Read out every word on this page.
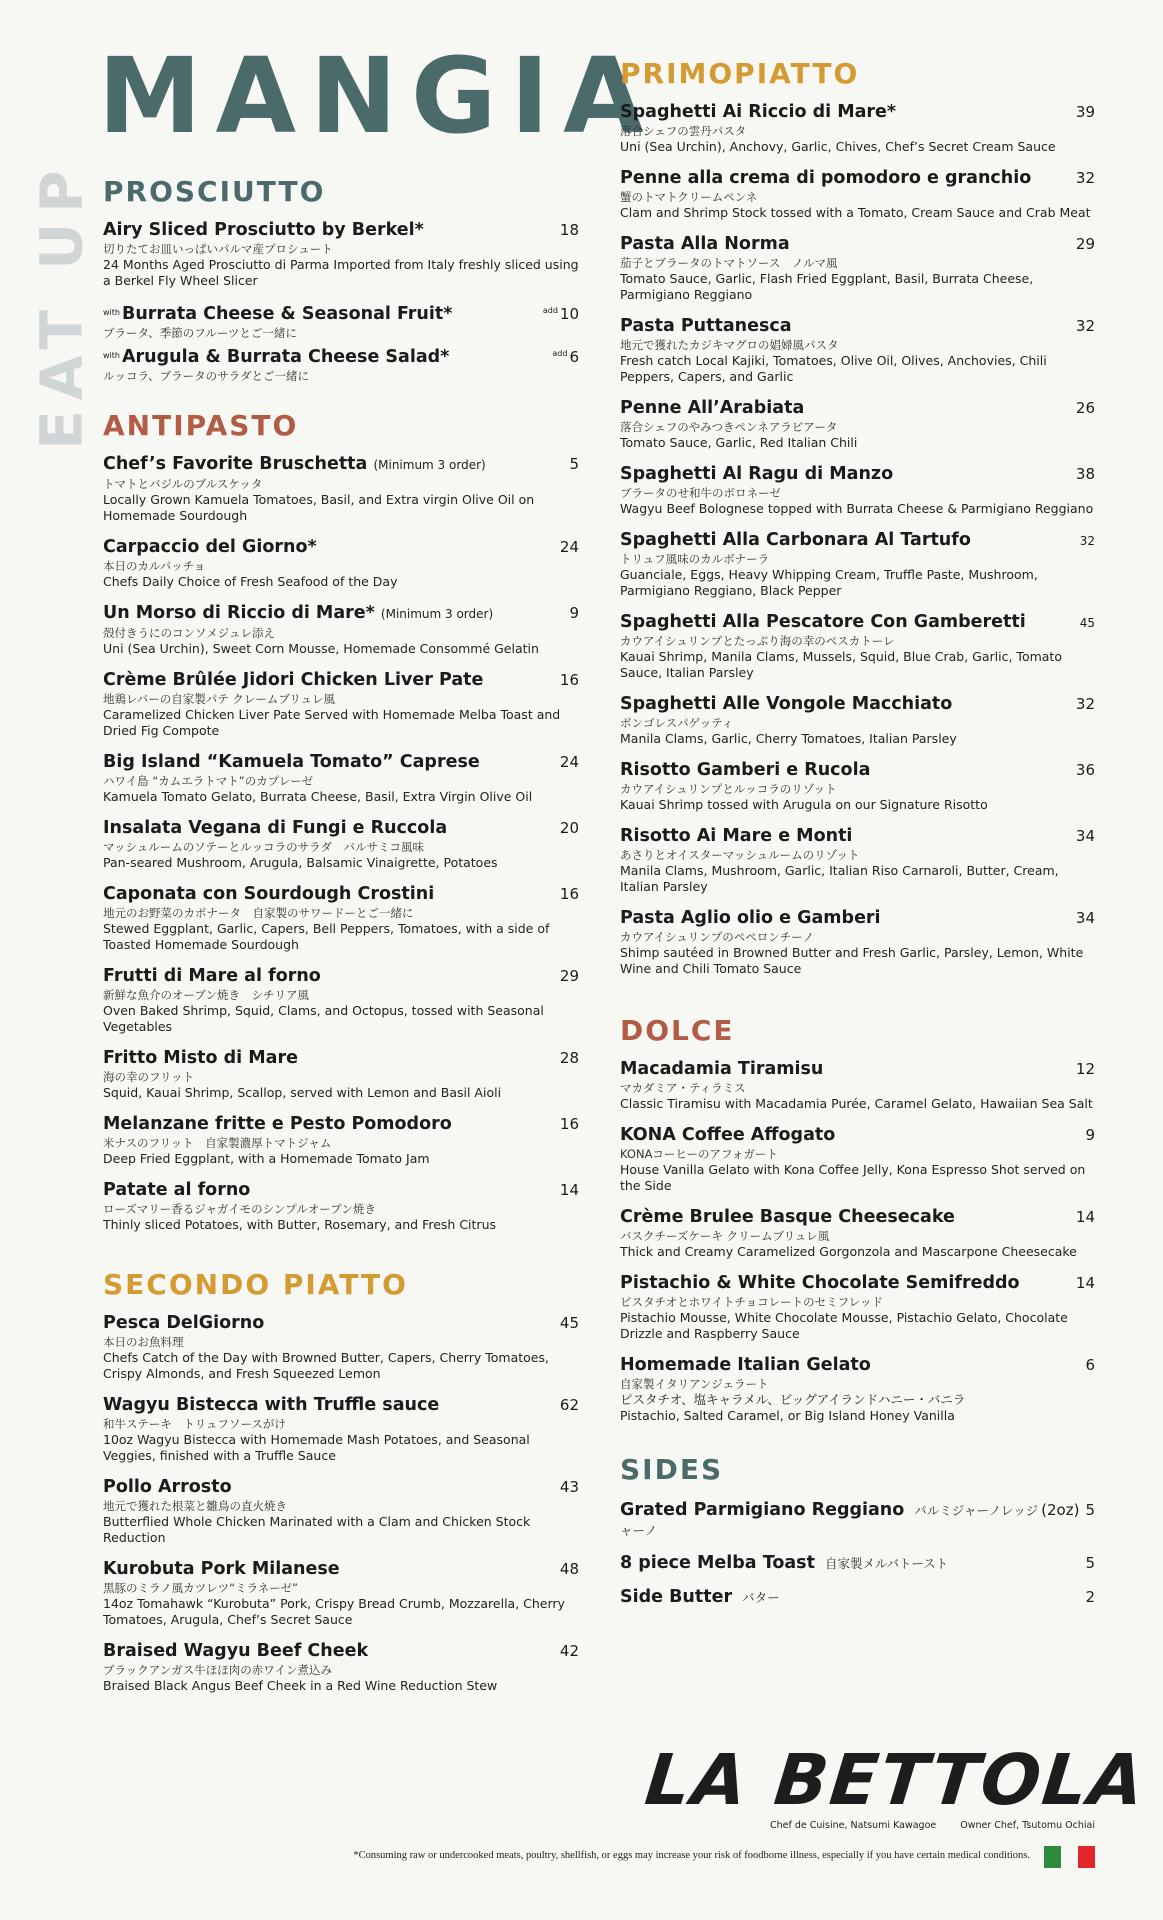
EAT UP
MANGIA
PROSCIUTTO
Airy Sliced Prosciutto by Berkel*	18
切りたてお皿いっぱいパルマ産プロシュート
24 Months Aged Prosciutto di Parma Imported from Italy freshly sliced using a Berkel Fly Wheel Slicer
$^{with}$ Burrata Cheese & Seasonal Fruit*	$^{add}$ 10
ブラータ、季節のフルーツとご一緒に
$^{with}$ Arugula & Burrata Cheese Salad*	$^{add}$ 6
ルッコラ、ブラータのサラダとご一緒に
ANTIPASTO
Chef’s Favorite Bruschetta (Minimum 3 order)	5
トマトとバジルのブルスケッタ
Locally Grown Kamuela Tomatoes, Basil, and Extra virgin Olive Oil on Homemade Sourdough
Carpaccio del Giorno*	24
本日のカルパッチョ
Chefs Daily Choice of Fresh Seafood of the Day
Un Morso di Riccio di Mare* (Minimum 3 order)	9
殻付きうにのコンソメジュレ添え
Uni (Sea Urchin), Sweet Corn Mousse, Homemade Consommé Gelatin
Crème Brûlée Jidori Chicken Liver Pate	16
地鶏レバーの自家製パテ クレームブリュレ風
Caramelized Chicken Liver Pate Served with Homemade Melba Toast and Dried Fig Compote
Big Island “Kamuela Tomato” Caprese	24
ハワイ島 “カムエラトマト”のカプレーゼ
Kamuela Tomato Gelato, Burrata Cheese, Basil, Extra Virgin Olive Oil
Insalata Vegana di Fungi e Ruccola	20
マッシュルームのソテーとルッコラのサラダ　バルサミコ風味
Pan-seared Mushroom, Arugula, Balsamic Vinaigrette, Potatoes
Caponata con Sourdough Crostini	16
地元のお野菜のカポナータ　自家製のサワードーとご一緒に
Stewed Eggplant, Garlic, Capers, Bell Peppers, Tomatoes, with a side of Toasted Homemade Sourdough
Frutti di Mare al forno	29
新鮮な魚介のオーブン焼き　シチリア風
Oven Baked Shrimp, Squid, Clams, and Octopus, tossed with Seasonal Vegetables
Fritto Misto di Mare	28
海の幸のフリット
Squid, Kauai Shrimp, Scallop, served with Lemon and Basil Aioli
Melanzane fritte e Pesto Pomodoro	16
米ナスのフリット　自家製濃厚トマトジャム
Deep Fried Eggplant, with a Homemade Tomato Jam
Patate al forno	14
ローズマリー香るジャガイモのシンプルオーブン焼き
Thinly sliced Potatoes, with Butter, Rosemary, and Fresh Citrus
SECONDO PIATTO
Pesca DelGiorno	45
本日のお魚料理
Chefs Catch of the Day with Browned Butter, Capers, Cherry Tomatoes, Crispy Almonds, and Fresh Squeezed Lemon
Wagyu Bistecca with Truffle sauce	62
和牛ステーキ　トリュフソースがけ
10oz Wagyu Bistecca with Homemade Mash Potatoes, and Seasonal Veggies, finished with a Truffle Sauce
Pollo Arrosto	43
地元で獲れた根菜と雛鳥の直火焼き
Butterflied Whole Chicken Marinated with a Clam and Chicken Stock Reduction
Kurobuta Pork Milanese	48
黒豚のミラノ風カツレツ“ミラネーゼ”
14oz Tomahawk “Kurobuta” Pork, Crispy Bread Crumb, Mozzarella, Cherry Tomatoes, Arugula, Chef’s Secret Sauce
Braised Wagyu Beef Cheek	42
ブラックアンガス牛ほほ肉の赤ワイン煮込み
Braised Black Angus Beef Cheek in a Red Wine Reduction Stew
PRIMOPIATTO
Spaghetti Ai Riccio di Mare*	39
落合シェフの雲丹パスタ
Uni (Sea Urchin), Anchovy, Garlic, Chives, Chef’s Secret Cream Sauce
Penne alla crema di pomodoro e granchio	32
蟹のトマトクリームペンネ
Clam and Shrimp Stock tossed with a Tomato, Cream Sauce and Crab Meat
Pasta Alla Norma	29
茄子とブラータのトマトソース　ノルマ風
Tomato Sauce, Garlic, Flash Fried Eggplant, Basil, Burrata Cheese, Parmigiano Reggiano
Pasta Puttanesca	32
地元で獲れたカジキマグロの娼婦風パスタ
Fresh catch Local Kajiki, Tomatoes, Olive Oil, Olives, Anchovies, Chili Peppers, Capers, and Garlic
Penne All’Arabiata	26
落合シェフのやみつきペンネアラビアータ
Tomato Sauce, Garlic, Red Italian Chili
Spaghetti Al Ragu di Manzo	38
ブラータのせ和牛のボロネーゼ
Wagyu Beef Bolognese topped with Burrata Cheese & Parmigiano Reggiano
Spaghetti Alla Carbonara Al Tartufo	32
トリュフ風味のカルボナーラ
Guanciale, Eggs, Heavy Whipping Cream, Truffle Paste, Mushroom, Parmigiano Reggiano, Black Pepper
Spaghetti Alla Pescatore Con Gamberetti	45
カウアイシュリンプとたっぷり海の幸のペスカトーレ
Kauai Shrimp, Manila Clams, Mussels, Squid, Blue Crab, Garlic, Tomato Sauce, Italian Parsley
Spaghetti Alle Vongole Macchiato	32
ボンゴレスパゲッティ
Manila Clams, Garlic, Cherry Tomatoes, Italian Parsley
Risotto Gamberi e Rucola	36
カウアイシュリンプとルッコラのリゾット
Kauai Shrimp tossed with Arugula on our Signature Risotto
Risotto Ai Mare e Monti	34
あさりとオイスターマッシュルームのリゾット
Manila Clams, Mushroom, Garlic, Italian Riso Carnaroli, Butter, Cream, Italian Parsley
Pasta Aglio olio e Gamberi	34
カウアイシュリンプのペペロンチーノ
Shimp sautéed in Browned Butter and Fresh Garlic, Parsley, Lemon, White Wine and Chili Tomato Sauce
DOLCE
Macadamia Tiramisu	12
マカダミア・ティラミス
Classic Tiramisu with Macadamia Purée, Caramel Gelato, Hawaiian Sea Salt
KONA Coffee Affogato	9
KONAコーヒーのアフォガート
House Vanilla Gelato with Kona Coffee Jelly, Kona Espresso Shot served on the Side
Crème Brulee Basque Cheesecake	14
バスクチーズケーキ クリームブリュレ風
Thick and Creamy Caramelized Gorgonzola and Mascarpone Cheesecake
Pistachio & White Chocolate Semifreddo	14
ピスタチオとホワイトチョコレートのセミフレッド
Pistachio Mousse, White Chocolate Mousse, Pistachio Gelato, Chocolate Drizzle and Raspberry Sauce
Homemade Italian Gelato	6
自家製イタリアンジェラート
ピスタチオ、塩キャラメル、ビッグアイランドハニー・バニラ
Pistachio, Salted Caramel, or Big Island Honey Vanilla
SIDES
Grated Parmigiano Reggiano パルミジャーノレッジャーノ
(2oz) 5
8 piece Melba Toast 自家製メルバトースト	5
Side Butter バター	2
LA BETTOLA
Chef de Cuisine, Natsumi Kawagoe	Owner Chef, Tsutomu Ochiai
*Consuming raw or undercooked meats, poultry, shellfish, or eggs may increase your risk of foodborne illness, especially if you have certain medical conditions.
